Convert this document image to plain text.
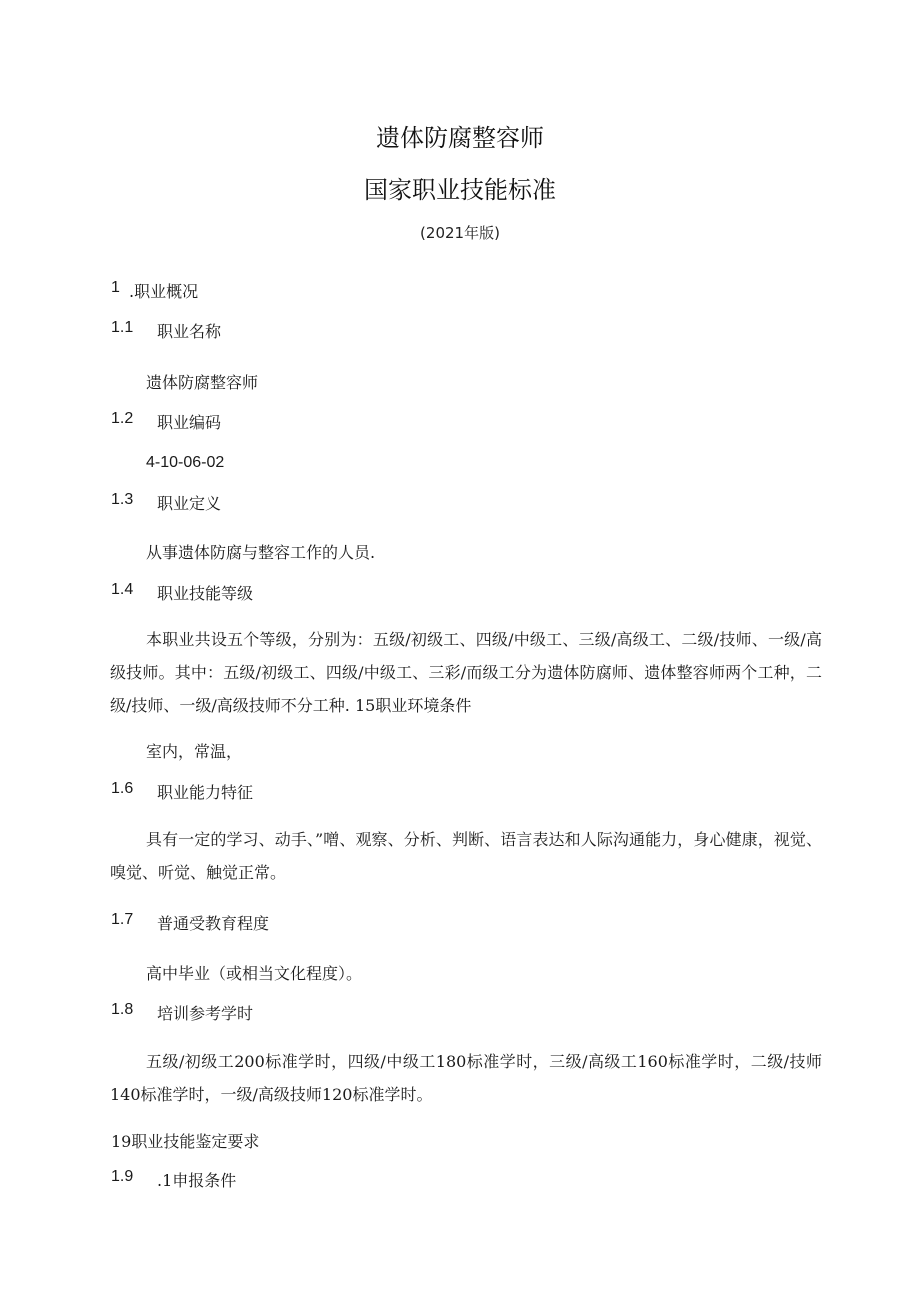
遗体防腐整容师
国家职业技能标准
(2021年版)
1 .职业概况
1.1 职业名称
遗体防腐整容师
1.2 职业编码
4-10-06-02
1.3 职业定义
从事遗体防腐与整容工作的人员.
1.4 职业技能等级
本职业共设五个等级，分别为：五级/初级工、四级/中级工、三级/高级工、二级/技师、一级/高级技师。其中：五级/初级工、四级/中级工、三彩/而级工分为遗体防腐师、遗体整容师两个工种，二级/技师、一级/高级技师不分工种. 15职业环境条件
室内，常温，
1.6 职业能力特征
具有一定的学习、动手、”噌、观察、分析、判断、语言表达和人际沟通能力，身心健康，视觉、嗅觉、听觉、触觉正常。
1.7 普通受教育程度
高中毕业（或相当文化程度）。
1.8 培训参考学时
五级/初级工200标准学时，四级/中级工180标准学时，三级/高级工160标准学时，二级/技师140标准学时，一级/高级技师120标准学时。
19职业技能鉴定要求
1.9 .1申报条件
